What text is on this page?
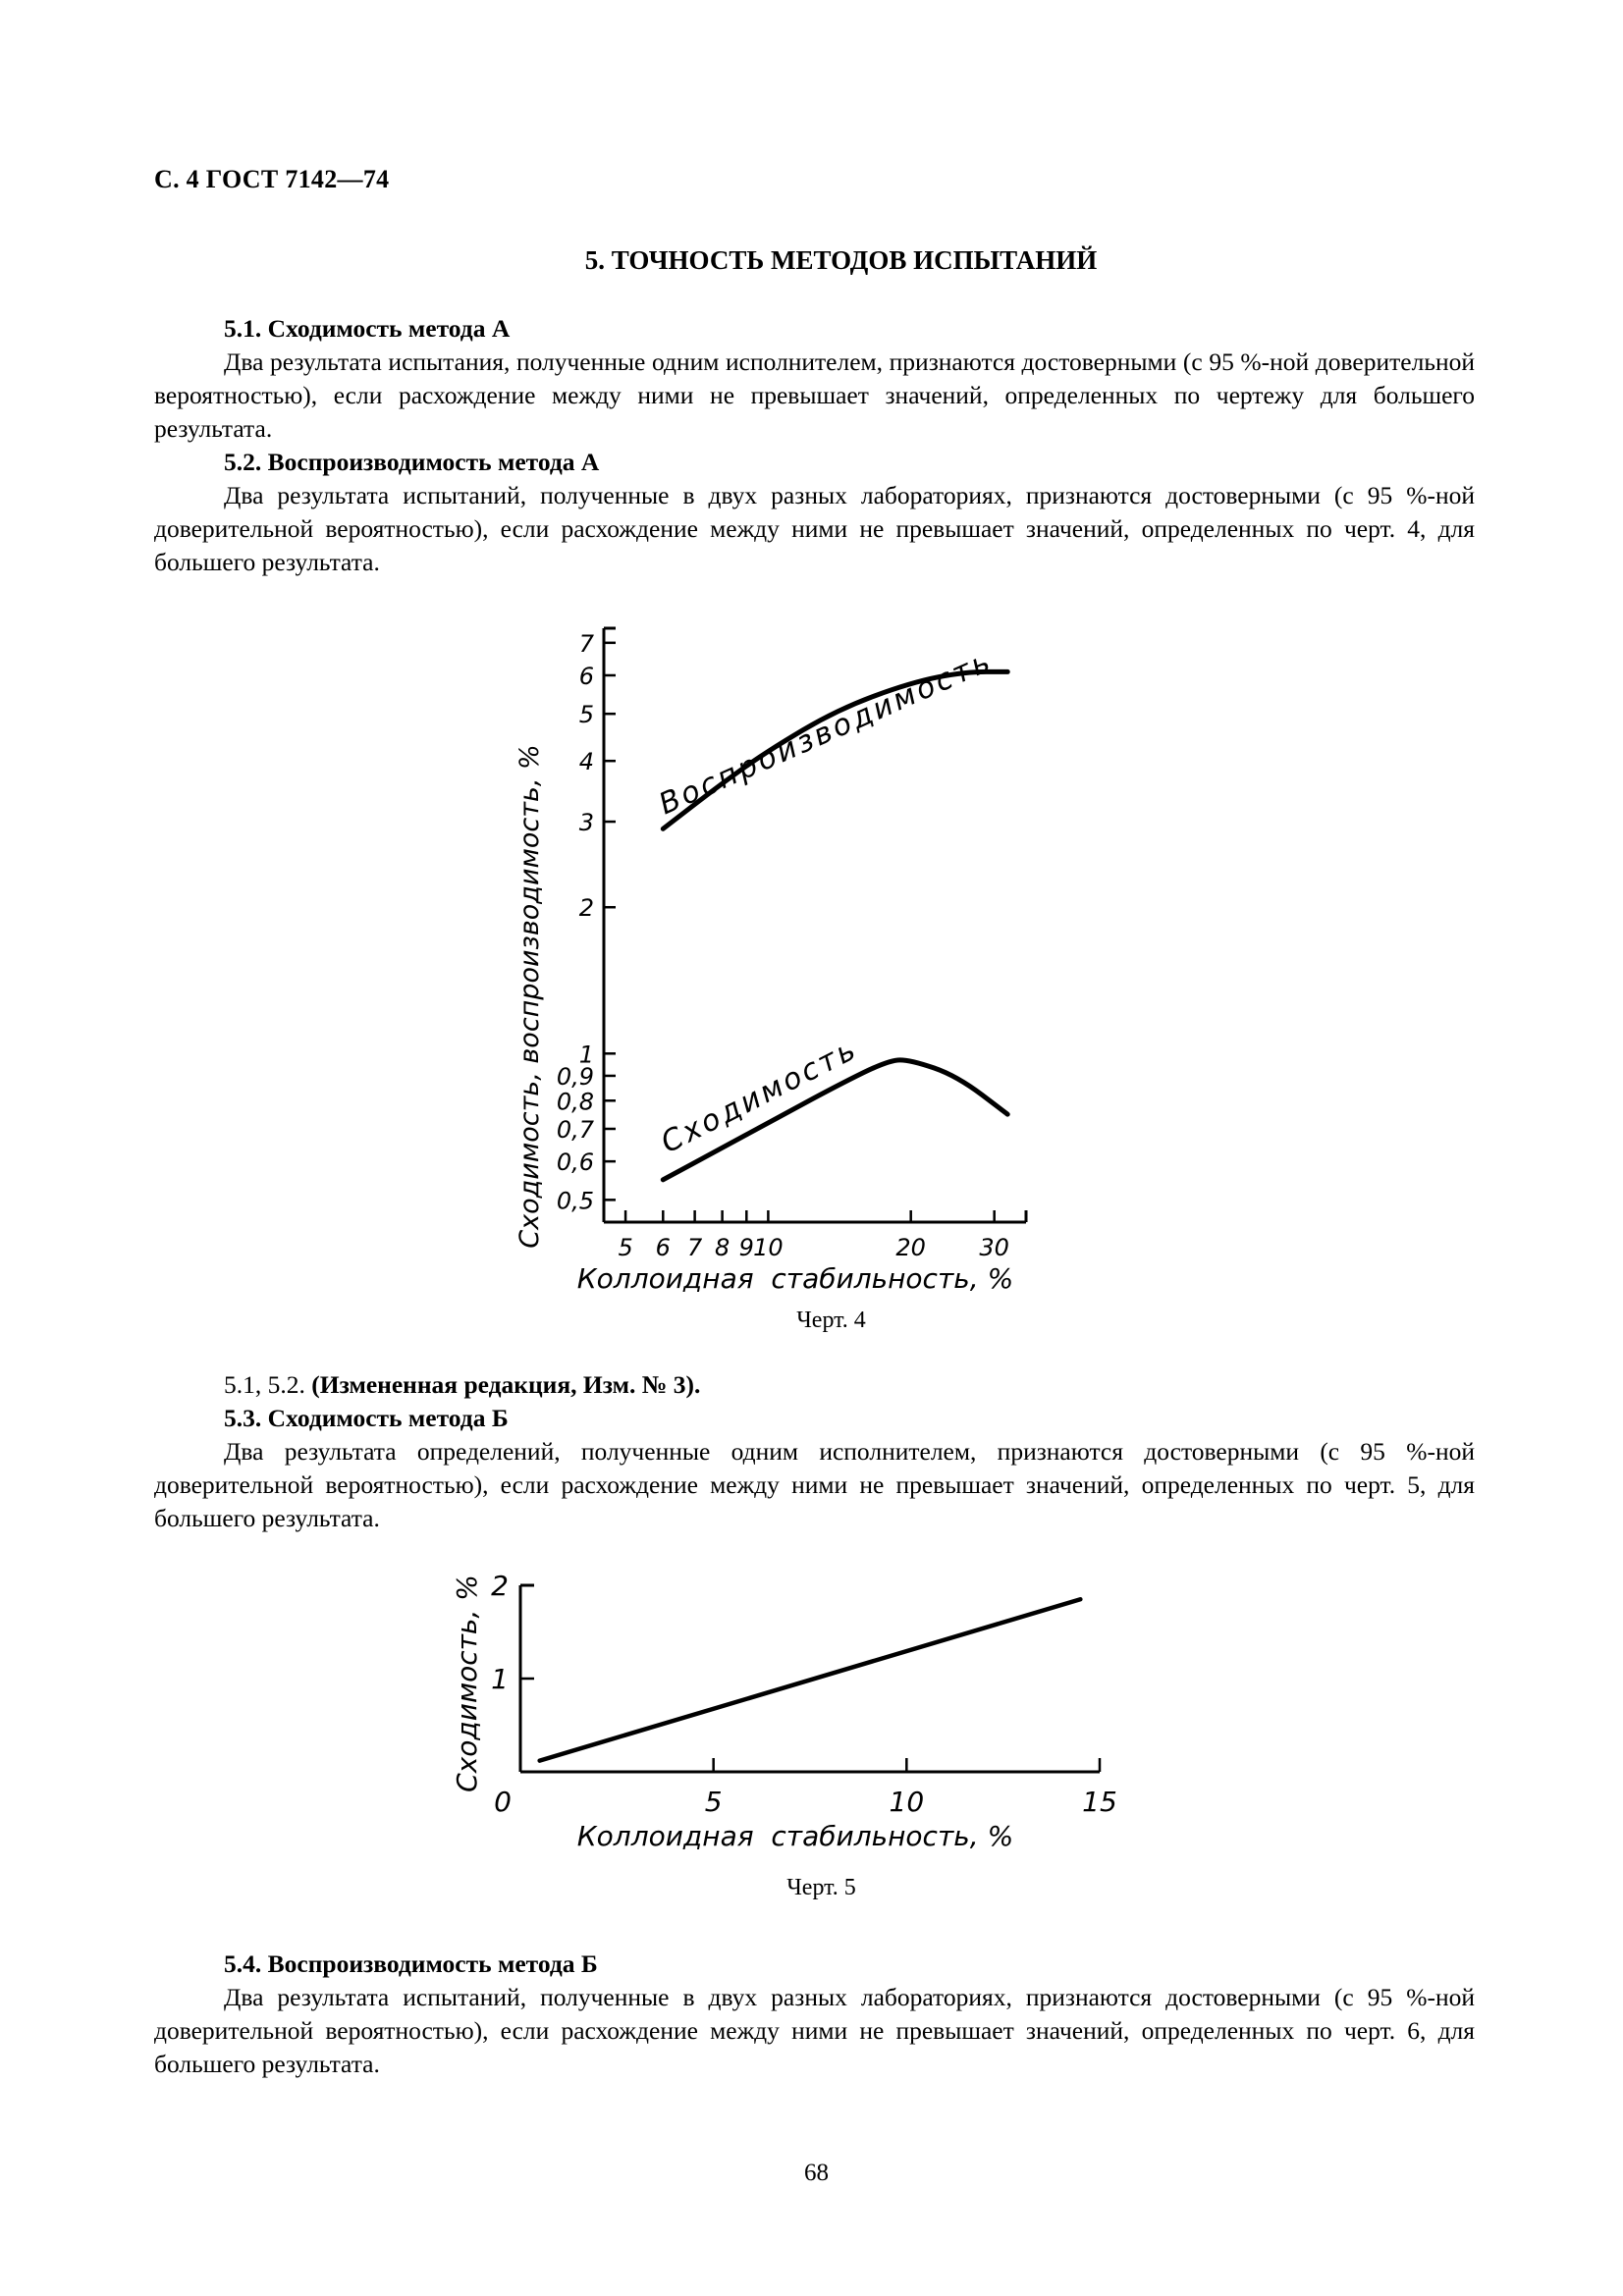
С. 4 ГОСТ 7142—74
5. ТОЧНОСТЬ МЕТОДОВ ИСПЫТАНИЙ

5.1. Сходимость метода А

Два результата испытания, полученные одним исполнителем, признаются достоверными (с 95 %-ной доверительной вероятностью), если расхождение между ними не превышает значений, определенных по чертежу для большего результата.

5.2. Воспроизводимость метода А

Два результата испытаний, полученные в двух разных лабораториях, признаются достоверными (с 95 %-ной доверительной вероятностью), если расхождение между ними не превышает значений, определенных по черт. 4, для большего результата.

Сходимость, воспроизводимость, % 0,5
0,6
0,7
0,8
0,9
1
2
3
4
5
6
7
5 6 7 8 9 10	20 30
Воспроизводимость
Сходимость
Коллоидная  стабильность, %
Черт. 4

5.1, 5.2. (Измененная редакция, Изм. № 3).

5.3. Сходимость метода Б

Два результата определений, полученные одним исполнителем, признаются достоверными (с 95 %-ной доверительной вероятностью), если расхождение между ними не превышает значений, определенных по черт. 5, для большего результата.

Сходимость, % 1
2
0	5	10	15
Коллоидная  стабильность, %
Черт. 5

5.4. Воспроизводимость метода Б

Два результата испытаний, полученные в двух разных лабораториях, признаются достоверными (с 95 %-ной доверительной вероятностью), если расхождение между ними не превышает значений, определенных по черт. 6, для большего результата.

68
